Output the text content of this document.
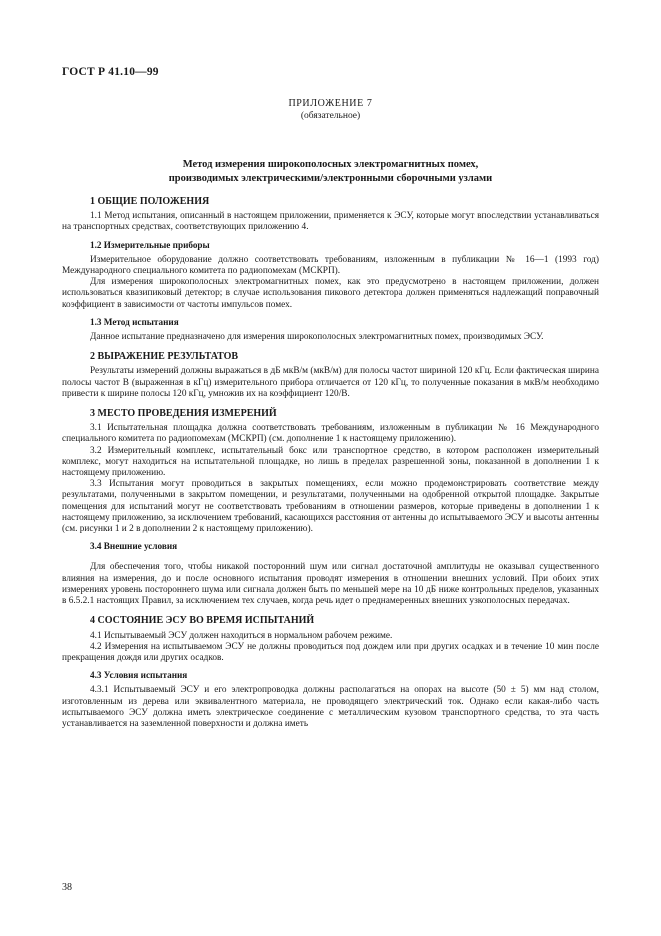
ГОСТ Р 41.10—99
ПРИЛОЖЕНИЕ 7
(обязательное)
Метод измерения широкополосных электромагнитных помех,
производимых электрическими/электронными сборочными узлами
1 ОБЩИЕ ПОЛОЖЕНИЯ

1.1 Метод испытания, описанный в настоящем приложении, применяется к ЭСУ, которые могут впоследствии устанавливаться на транспортных средствах, соответствующих приложению 4.

1.2 Измерительные приборы

Измерительное оборудование должно соответствовать требованиям, изложенным в публикации № 16—1 (1993 год) Международного специального комитета по радиопомехам (МСКРП).

Для измерения широкополосных электромагнитных помех, как это предусмотрено в настоящем приложении, должен использоваться квазипиковый детектор; в случае использования пикового детектора должен применяться надлежащий поправочный коэффициент в зависимости от частоты импульсов помех.

1.3 Метод испытания

Данное испытание предназначено для измерения широкополосных электромагнитных помех, производимых ЭСУ.

2 ВЫРАЖЕНИЕ РЕЗУЛЬТАТОВ

Результаты измерений должны выражаться в дБ мкВ/м (мкВ/м) для полосы частот шириной 120 кГц. Если фактическая ширина полосы частот B (выраженная в кГц) измерительного прибора отличается от 120 кГц, то полученные показания в мкВ/м необходимо привести к ширине полосы 120 кГц, умножив их на коэффициент 120/B.

3 МЕСТО ПРОВЕДЕНИЯ ИЗМЕРЕНИЙ

3.1 Испытательная площадка должна соответствовать требованиям, изложенным в публикации № 16 Международного специального комитета по радиопомехам (МСКРП) (см. дополнение 1 к настоящему приложению).

3.2 Измерительный комплекс, испытательный бокс или транспортное средство, в котором расположен измерительный комплекс, могут находиться на испытательной площадке, но лишь в пределах разрешенной зоны, показанной в дополнении 1 к настоящему приложению.

3.3 Испытания могут проводиться в закрытых помещениях, если можно продемонстрировать соответствие между результатами, полученными в закрытом помещении, и результатами, полученными на одобренной открытой площадке. Закрытые помещения для испытаний могут не соответствовать требованиям в отношении размеров, которые приведены в дополнении 1 к настоящему приложению, за исключением требований, касающихся расстояния от антенны до испытываемого ЭСУ и высоты антенны (см. рисунки 1 и 2 в дополнении 2 к настоящему приложению).

3.4 Внешние условия

Для обеспечения того, чтобы никакой посторонний шум или сигнал достаточной амплитуды не оказывал существенного влияния на измерения, до и после основного испытания проводят измерения в отношении внешних условий. При обоих этих измерениях уровень постороннего шума или сигнала должен быть по меньшей мере на 10 дБ ниже контрольных пределов, указанных в 6.5.2.1 настоящих Правил, за исключением тех случаев, когда речь идет о преднамеренных внешних узкополосных передачах.

4 СОСТОЯНИЕ ЭСУ ВО ВРЕМЯ ИСПЫТАНИЙ

4.1 Испытываемый ЭСУ должен находиться в нормальном рабочем режиме.

4.2 Измерения на испытываемом ЭСУ не должны проводиться под дождем или при других осадках и в течение 10 мин после прекращения дождя или других осадков.

4.3 Условия испытания

4.3.1 Испытываемый ЭСУ и его электропроводка должны располагаться на опорах на высоте (50 ± 5) мм над столом, изготовленным из дерева или эквивалентного материала, не проводящего электрический ток. Однако если какая-либо часть испытываемого ЭСУ должна иметь электрическое соединение с металлическим кузовом транспортного средства, то эта часть устанавливается на заземленной поверхности и должна иметь

38
